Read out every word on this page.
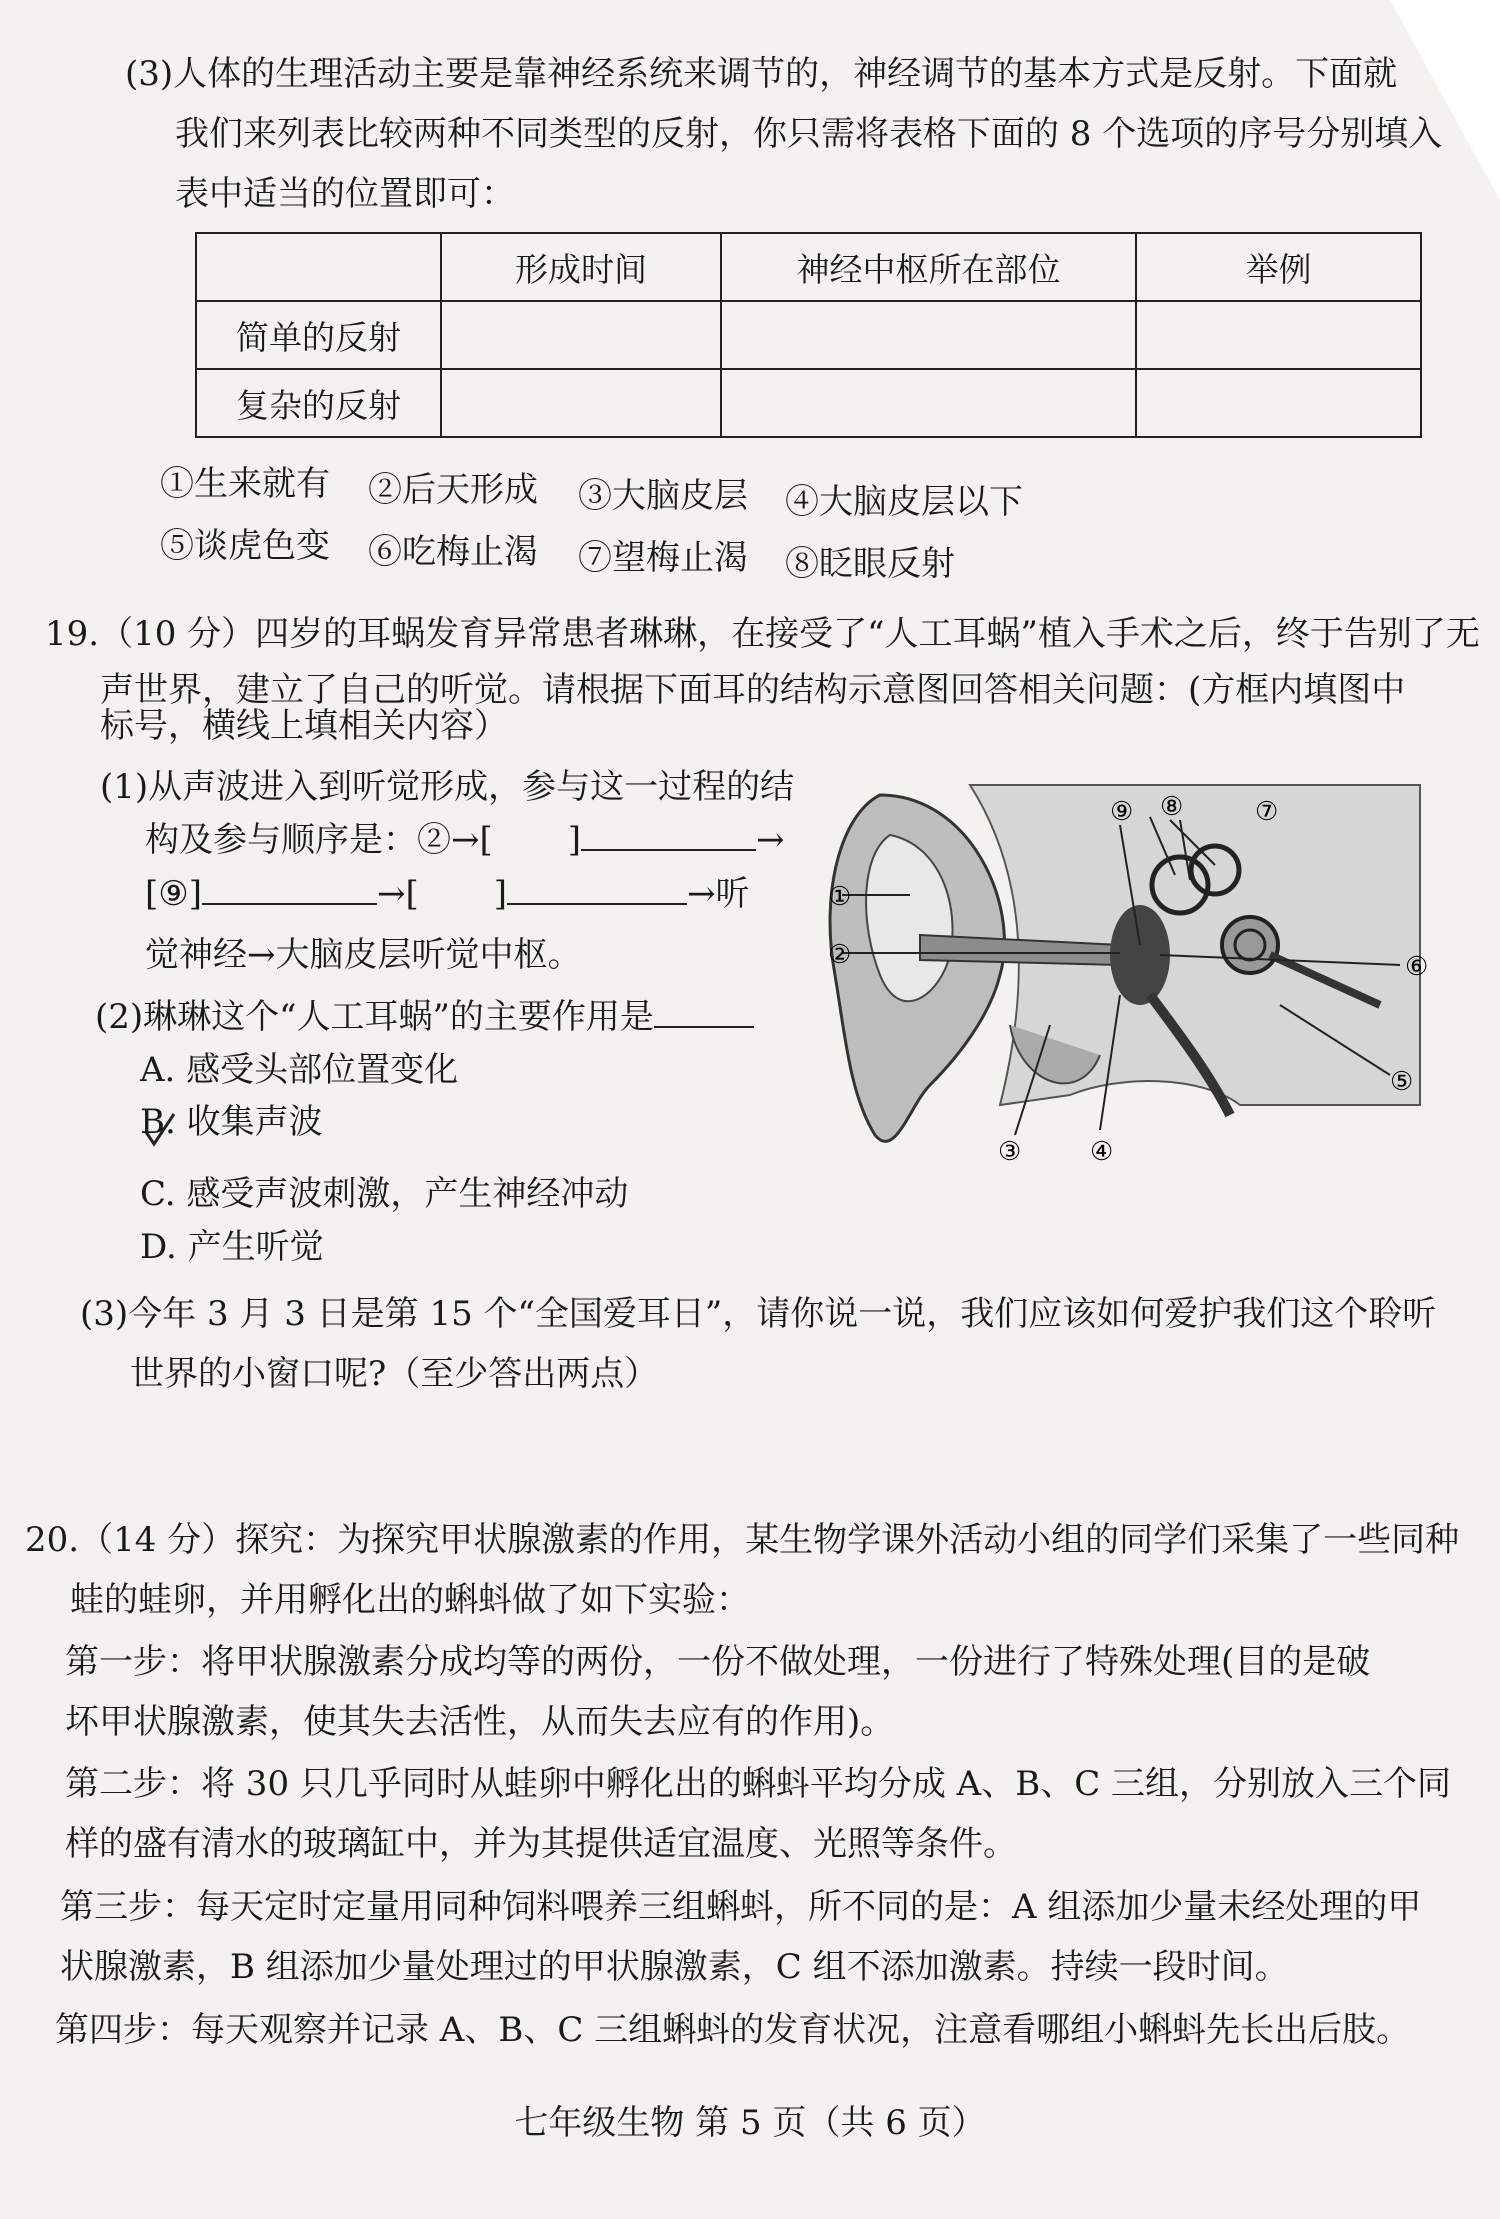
(3)人体的生理活动主要是靠神经系统来调节的，神经调节的基本方式是反射。下面就
我们来列表比较两种不同类型的反射，你只需将表格下面的 8 个选项的序号分别填入
表中适当的位置即可：
	形成时间	神经中枢所在部位	举例
简单的反射			
复杂的反射			
①生来就有 ②后天形成 ③大脑皮层 ④大脑皮层以下
⑤谈虎色变 ⑥吃梅止渴 ⑦望梅止渴 ⑧眨眼反射
19.（10 分）四岁的耳蜗发育异常患者琳琳，在接受了“人工耳蜗”植入手术之后，终于告别了无
声世界，建立了自己的听觉。请根据下面耳的结构示意图回答相关问题：(方框内填图中
标号，横线上填相关内容）
(1)从声波进入到听觉形成，参与这一过程的结
构及参与顺序是：②→[ ]	→
[⑨]	→[ ]	→听
觉神经→大脑皮层听觉中枢。
(2)琳琳这个“人工耳蜗”的主要作用是
A. 感受头部位置变化
B. 收集声波
C. 感受声波刺激，产生神经冲动
D. 产生听觉
(3)今年 3 月 3 日是第 15 个“全国爱耳日”，请你说一说，我们应该如何爱护我们这个聆听
世界的小窗口呢?（至少答出两点）
①
②
③	④
⑤
⑥
⑦
⑧
⑨
20.（14 分）探究：为探究甲状腺激素的作用，某生物学课外活动小组的同学们采集了一些同种
蛙的蛙卵，并用孵化出的蝌蚪做了如下实验：
第一步：将甲状腺激素分成均等的两份，一份不做处理，一份进行了特殊处理(目的是破
坏甲状腺激素，使其失去活性，从而失去应有的作用)。
第二步：将 30 只几乎同时从蛙卵中孵化出的蝌蚪平均分成 A、B、C 三组，分别放入三个同
样的盛有清水的玻璃缸中，并为其提供适宜温度、光照等条件。
第三步：每天定时定量用同种饲料喂养三组蝌蚪，所不同的是：A 组添加少量未经处理的甲
状腺激素，B 组添加少量处理过的甲状腺激素，C 组不添加激素。持续一段时间。
第四步：每天观察并记录 A、B、C 三组蝌蚪的发育状况，注意看哪组小蝌蚪先长出后肢。
七年级生物 第 5 页（共 6 页）
